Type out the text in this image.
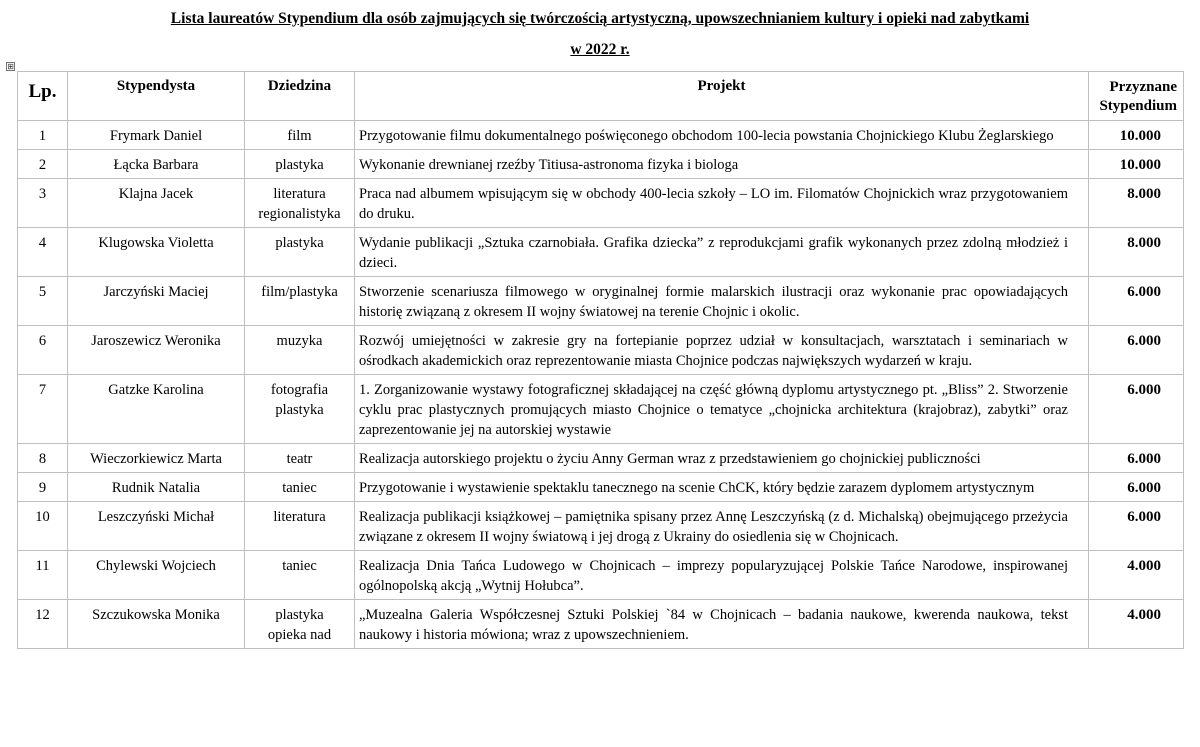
Lista laureatów Stypendium dla osób zajmujących się twórczością artystyczną, upowszechnianiem kultury i opieki nad zabytkami
w 2022 r.
⊞
Lp.	Stypendysta	Dziedzina	Projekt	Przyznane
Stypendium
1	Frymark Daniel	film	Przygotowanie filmu dokumentalnego poświęconego obchodom 100-lecia powstania Chojnickiego Klubu Żeglarskiego	10.000
2	Łącka Barbara	plastyka	Wykonanie drewnianej rzeźby Titiusa-astronoma fizyka i biologa	10.000
3	Klajna Jacek	literatura
regionalistyka	Praca nad albumem wpisującym się w obchody 400-lecia szkoły – LO im. Filomatów Chojnickich wraz przygotowaniem do druku.	8.000
4	Klugowska Violetta	plastyka	Wydanie publikacji „Sztuka czarnobiała. Grafika dziecka” z reprodukcjami grafik wykonanych przez zdolną młodzież i dzieci.	8.000
5	Jarczyński Maciej	film/plastyka	Stworzenie scenariusza filmowego w oryginalnej formie malarskich ilustracji oraz wykonanie prac opowiadających historię związaną z okresem II wojny światowej na terenie Chojnic i okolic.	6.000
6	Jaroszewicz Weronika	muzyka	Rozwój umiejętności w zakresie gry na fortepianie poprzez udział w konsultacjach, warsztatach i seminariach w ośrodkach akademickich oraz reprezentowanie miasta Chojnice podczas największych wydarzeń w kraju.	6.000
7	Gatzke Karolina	fotografia
plastyka	1. Zorganizowanie wystawy fotograficznej składającej na część główną dyplomu artystycznego pt. „Bliss” 2. Stworzenie cyklu prac plastycznych promujących miasto Chojnice o tematyce „chojnicka architektura (krajobraz), zabytki” oraz zaprezentowanie jej na autorskiej wystawie	6.000
8	Wieczorkiewicz Marta	teatr	Realizacja autorskiego projektu o życiu Anny German wraz z przedstawieniem go chojnickiej publiczności	6.000
9	Rudnik Natalia	taniec	Przygotowanie i wystawienie spektaklu tanecznego na scenie ChCK, który będzie zarazem dyplomem artystycznym	6.000
10	Leszczyński Michał	literatura	Realizacja publikacji książkowej – pamiętnika spisany przez Annę Leszczyńską (z d. Michalską) obejmującego przeżycia związane z okresem II wojny światową i jej drogą z Ukrainy do osiedlenia się w Chojnicach.	6.000
11	Chylewski Wojciech	taniec	Realizacja Dnia Tańca Ludowego w Chojnicach – imprezy popularyzującej Polskie Tańce Narodowe, inspirowanej ogólnopolską akcją „Wytnij Hołubca”.	4.000
12	Szczukowska Monika	plastyka
opieka nad	„Muzealna Galeria Współczesnej Sztuki Polskiej `84 w Chojnicach – badania naukowe, kwerenda naukowa, tekst naukowy i historia mówiona; wraz z upowszechnieniem.	4.000
